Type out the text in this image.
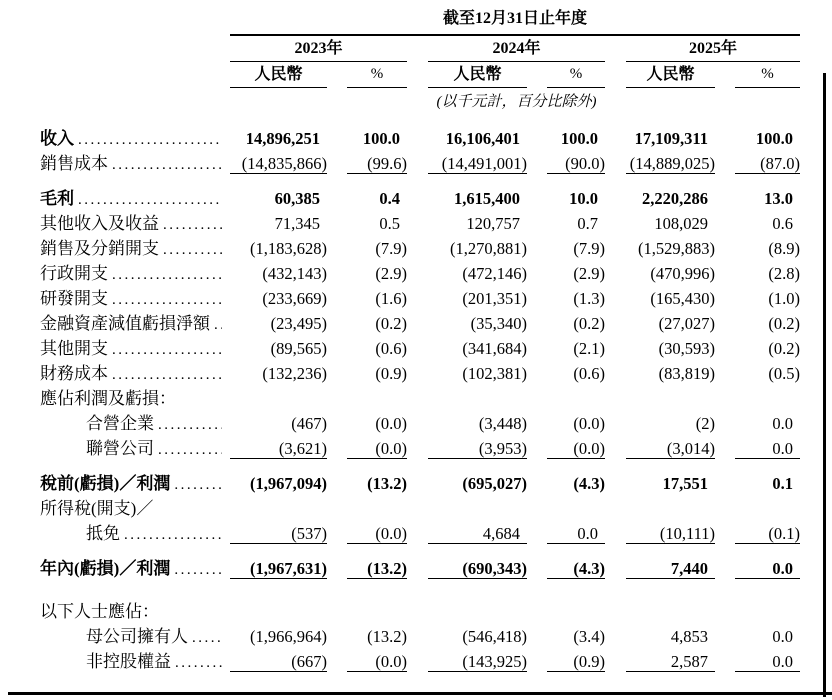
截至12月31日止年度
2023年	2024年	2025年
人民幣	%	人民幣	%	人民幣	%
(以千元計，百分比除外)
收入 .....	14,896,251	100.0	16,106,401	100.0	17,109,311	100.0
銷售成本 .....	(14,835,866)	(99.6)	(14,491,001)	(90.0) (14,889,025)	(87.0)
毛利 .....	60,385	0.4	1,615,400	10.0	2,220,286	13.0
其他收入及收益 .....	71,345	0.5	120,757	0.7	108,029	0.6
銷售及分銷開支 .....	(1,183,628)	(7.9)	(1,270,881)	(7.9)	(1,529,883)	(8.9)
行政開支 .....	(432,143)	(2.9)	(472,146)	(2.9)	(470,996)	(2.8)
研發開支 .....	(233,669)	(1.6)	(201,351)	(1.3)	(165,430)	(1.0)
金融資產減值虧損淨額 .....	(23,495)	(0.2)	(35,340)	(0.2)	(27,027)	(0.2)
其他開支 .....	(89,565)	(0.6)	(341,684)	(2.1)	(30,593)	(0.2)
財務成本 .....	(132,236)	(0.9)	(102,381)	(0.6)	(83,819)	(0.5)
應佔利潤及虧損：
合營企業 .....	(467)	(0.0)	(3,448)	(0.0)	(2)	0.0
聯營公司 .....	(3,621)	(0.0)	(3,953)	(0.0)	(3,014)	0.0
稅前(虧損)／利潤 .....	(1,967,094)	(13.2)	(695,027)	(4.3)	17,551	0.1
所得稅(開支)／
抵免 .....	(537)	(0.0)	4,684	0.0	(10,111)	(0.1)
年內(虧損)／利潤 .....	(1,967,631)	(13.2)	(690,343)	(4.3)	7,440	0.0
以下人士應佔：
母公司擁有人 .....	(1,966,964)	(13.2)	(546,418)	(3.4)	4,853	0.0
非控股權益 .....	(667)	(0.0)	(143,925)	(0.9)	2,587	0.0
